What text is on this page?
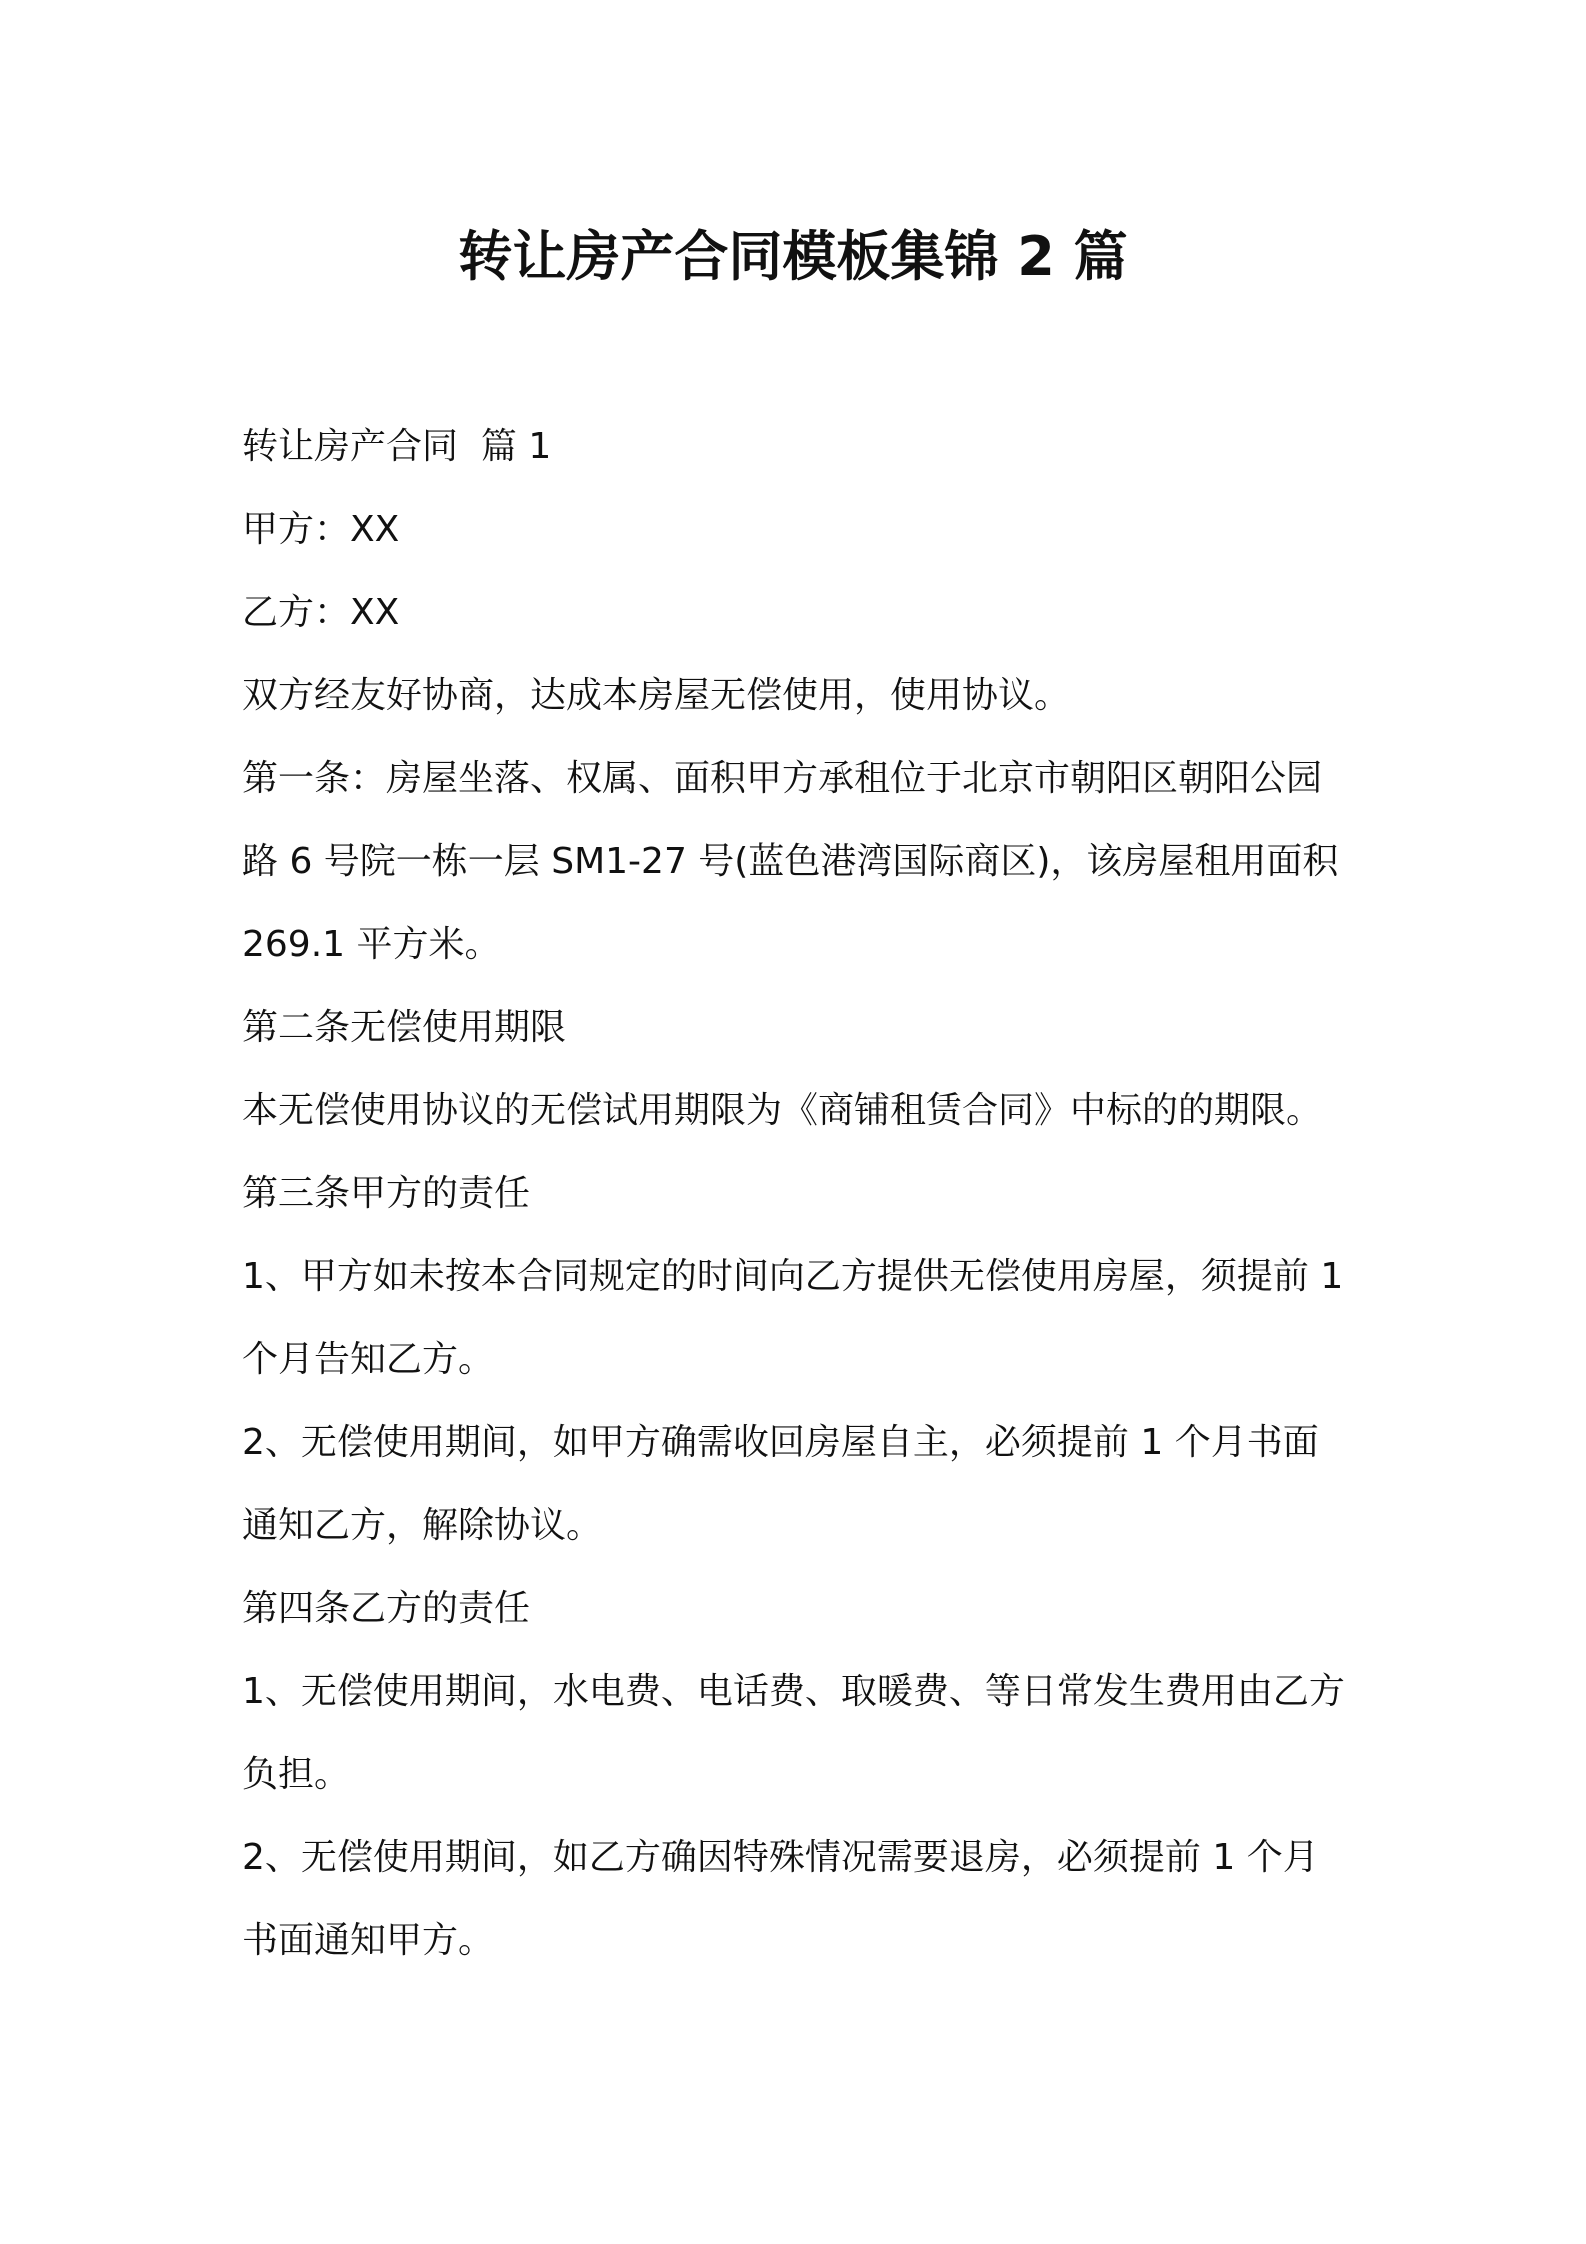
转让房产合同模板集锦 2 篇

转让房产合同  篇 1

甲方：XX

乙方：XX

双方经友好协商，达成本房屋无偿使用，使用协议。

第一条：房屋坐落、权属、面积甲方承租位于北京市朝阳区朝阳公园路 6 号院一栋一层 SM1-27 号(蓝色港湾国际商区)，该房屋租用面积 269.1 平方米。

第二条无偿使用期限

本无偿使用协议的无偿试用期限为《商铺租赁合同》中标的的期限。

第三条甲方的责任

1、甲方如未按本合同规定的时间向乙方提供无偿使用房屋，须提前 1 个月告知乙方。

2、无偿使用期间，如甲方确需收回房屋自主，必须提前 1 个月书面通知乙方，解除协议。

第四条乙方的责任

1、无偿使用期间，水电费、电话费、取暖费、等日常发生费用由乙方负担。

2、无偿使用期间，如乙方确因特殊情况需要退房，必须提前 1 个月书面通知甲方。
